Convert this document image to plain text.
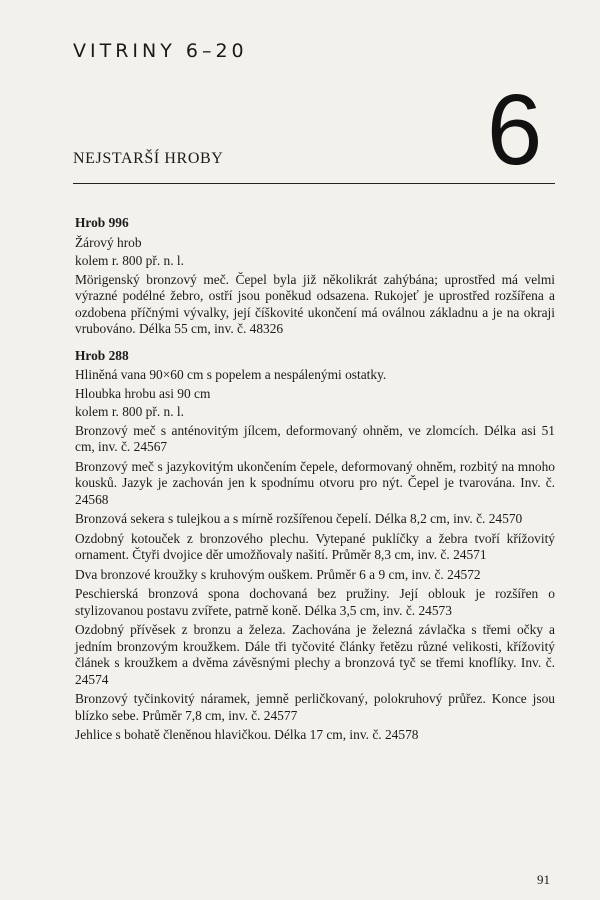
VITRINY 6–20
6
NEJSTARŠÍ HROBY
Hrob 996
Žárový hrob
kolem r. 800 př. n. l.
Mörigenský bronzový meč. Čepel byla již několikrát zahýbána; uprostřed má velmi výrazné podélné žebro, ostří jsou poněkud odsazena. Rukojeť je uprostřed rozšířena a ozdobena příčnými vývalky, její číškovité ukončení má oválnou základnu a je na okraji vrubováno. Délka 55 cm, inv. č. 48326
Hrob 288
Hliněná vana 90×60 cm s popelem a nespálenými ostatky.
Hloubka hrobu asi 90 cm
kolem r. 800 př. n. l.
Bronzový meč s anténovitým jílcem, deformovaný ohněm, ve zlomcích. Délka asi 51 cm, inv. č. 24567
Bronzový meč s jazykovitým ukončením čepele, deformovaný ohněm, rozbitý na mnoho kousků. Jazyk je zachován jen k spodnímu otvoru pro nýt. Čepel je tvarována. Inv. č. 24568
Bronzová sekera s tulejkou a s mírně rozšířenou čepelí. Délka 8,2 cm, inv. č. 24570
Ozdobný kotouček z bronzového plechu. Vytepané puklíčky a žebra tvoří křížovitý ornament. Čtyři dvojice děr umožňovaly našití. Průměr 8,3 cm, inv. č. 24571
Dva bronzové kroužky s kruhovým ouškem. Průměr 6 a 9 cm, inv. č. 24572
Peschierská bronzová spona dochovaná bez pružiny. Její oblouk je rozšířen o stylizovanou postavu zvířete, patrně koně. Délka 3,5 cm, inv. č. 24573
Ozdobný přívěsek z bronzu a železa. Zachována je železná závlačka s třemi očky a jedním bronzovým kroužkem. Dále tři tyčovité články řetězu různé velikosti, křížovitý článek s kroužkem a dvěma závěsnými plechy a bronzová tyč se třemi knoflíky. Inv. č. 24574
Bronzový tyčinkovitý náramek, jemně perličkovaný, polokruhový průřez. Konce jsou blízko sebe. Průměr 7,8 cm, inv. č. 24577
Jehlice s bohatě členěnou hlavičkou. Délka 17 cm, inv. č. 24578
91
